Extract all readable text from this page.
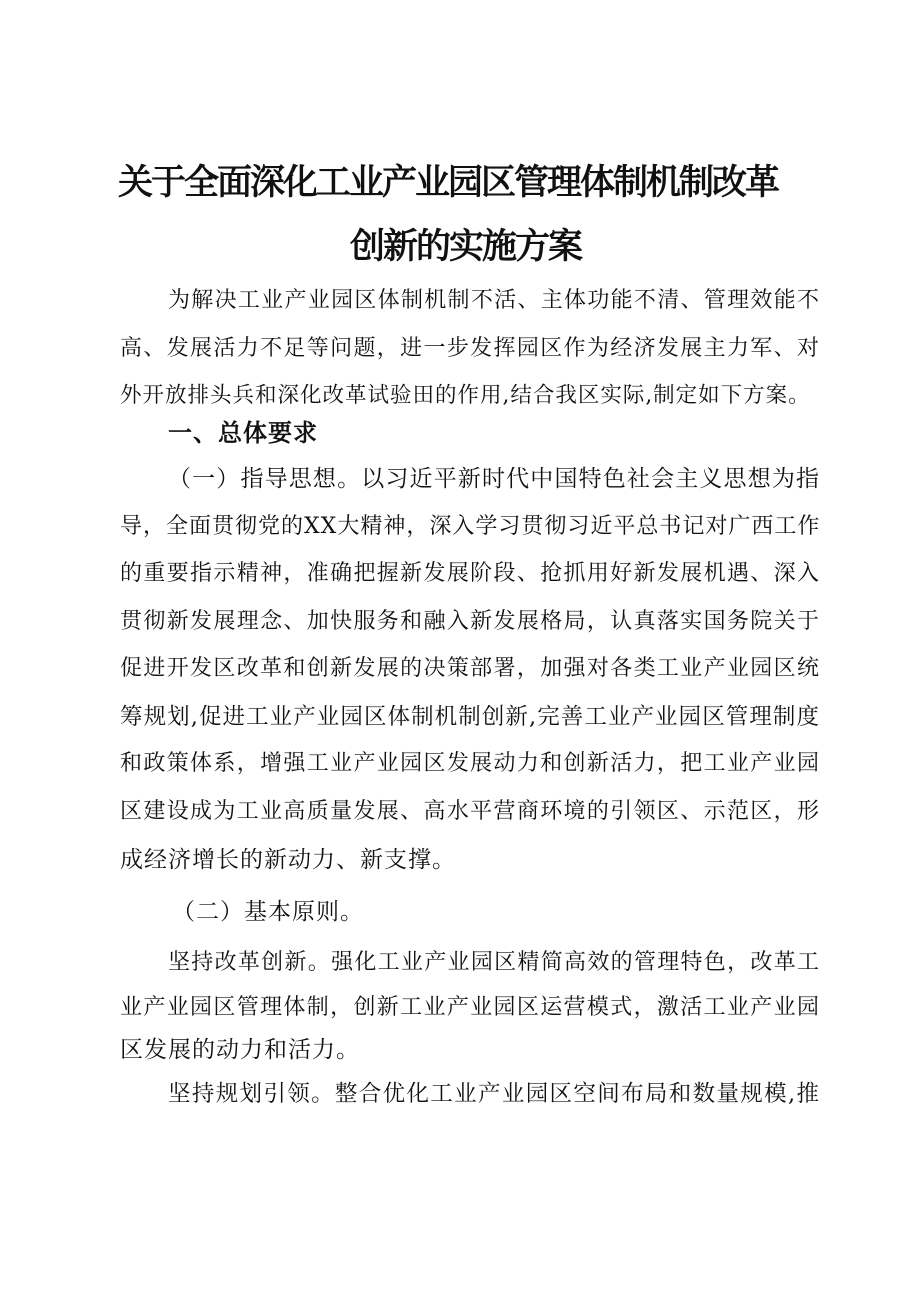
关于全面深化工业产业园区管理体制机制改革
创新的实施方案
为解决工业产业园区体制机制不活、主体功能不清、管理效能不
高、发展活力不足等问题，进一步发挥园区作为经济发展主力军、对
外开放排头兵和深化改革试验田的作用,结合我区实际,制定如下方案。
一、总体要求
（一）指导思想。以习近平新时代中国特色社会主义思想为指
导，全面贯彻党的XX大精神，深入学习贯彻习近平总书记对广西工作
的重要指示精神，准确把握新发展阶段、抢抓用好新发展机遇、深入
贯彻新发展理念、加快服务和融入新发展格局，认真落实国务院关于
促进开发区改革和创新发展的决策部署，加强对各类工业产业园区统
筹规划,促进工业产业园区体制机制创新,完善工业产业园区管理制度
和政策体系，增强工业产业园区发展动力和创新活力，把工业产业园
区建设成为工业高质量发展、高水平营商环境的引领区、示范区，形
成经济增长的新动力、新支撑。
（二）基本原则。
坚持改革创新。强化工业产业园区精简高效的管理特色，改革工
业产业园区管理体制，创新工业产业园区运营模式，激活工业产业园
区发展的动力和活力。
坚持规划引领。整合优化工业产业园区空间布局和数量规模,推
